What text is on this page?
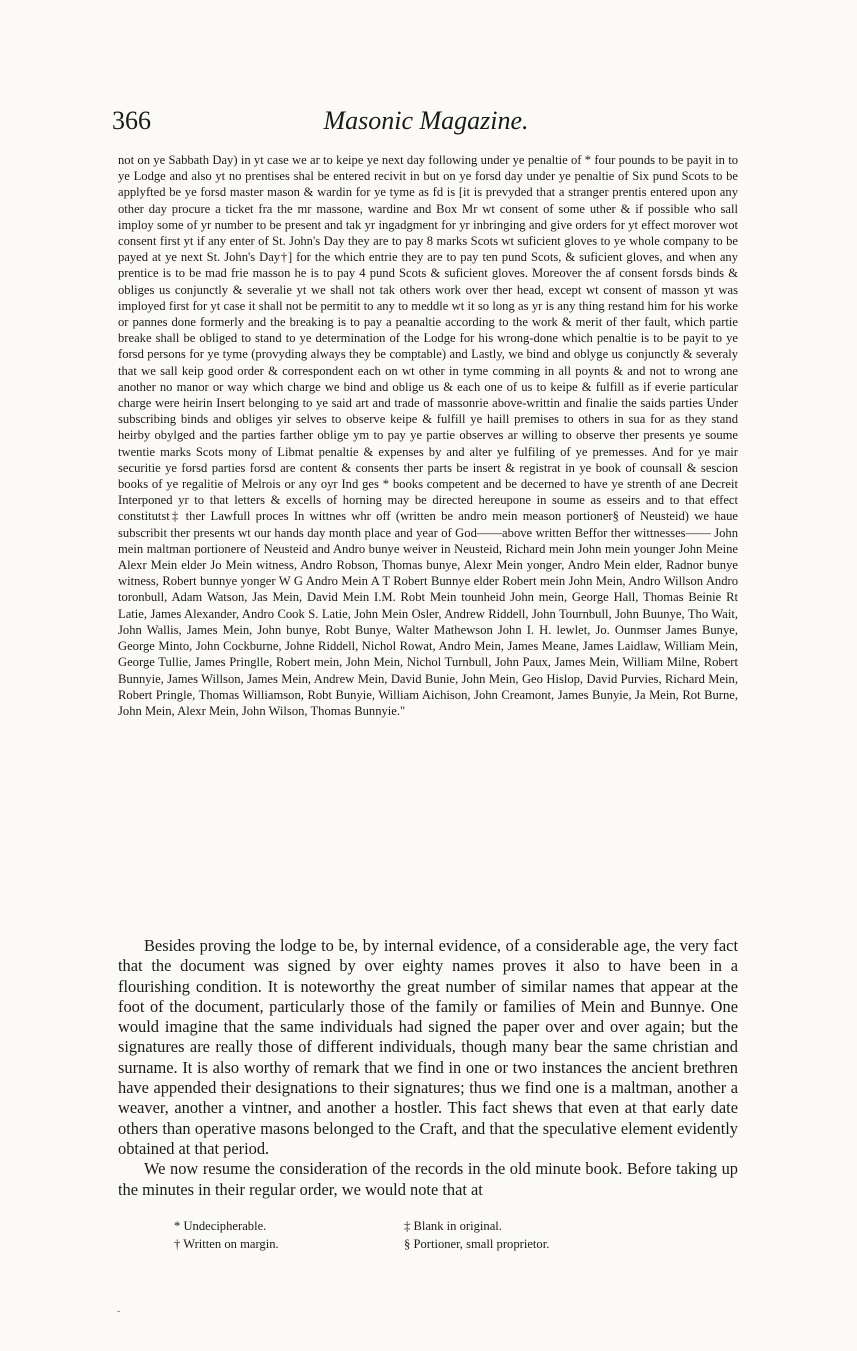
366	Masonic Magazine.

not on ye Sabbath Day) in yt case we ar to keipe ye next day following under ye penaltie of * four pounds to be payit in to ye Lodge and also yt no prentises shal be entered recivit in but on ye forsd day under ye penaltie of Six pund Scots to be applyfted be ye forsd master mason & wardin for ye tyme as fd is [it is prevyded that a stranger prentis entered upon any other day procure a ticket fra the mr massone, wardine and Box Mr wt consent of some uther & if possible who sall imploy some of yr number to be present and tak yr ingadgment for yr inbringing and give orders for yt effect morover wot consent first yt if any enter of St. John's Day they are to pay 8 marks Scots wt suficient gloves to ye whole company to be payed at ye next St. John's Day†] for the which entrie they are to pay ten pund Scots, & suficient gloves, and when any prentice is to be mad frie masson he is to pay 4 pund Scots & suficient gloves. Moreover the af consent forsds binds & obliges us conjunctly & severalie yt we shall not tak others work over ther head, except wt consent of masson yt was imployed first for yt case it shall not be permitit to any to meddle wt it so long as yr is any thing restand him for his worke or pannes done formerly and the breaking is to pay a peanaltie according to the work & merit of ther fault, which partie breake shall be obliged to stand to ye determination of the Lodge for his wrong-done which penaltie is to be payit to ye forsd persons for ye tyme (provyding always they be comptable) and Lastly, we bind and oblyge us conjunctly & severaly that we sall keip good order & correspondent each on wt other in tyme comming in all poynts & and not to wrong ane another no manor or way which charge we bind and oblige us & each one of us to keipe & fulfill as if everie particular charge were heirin Insert belonging to ye said art and trade of massonrie above-writtin and finalie the saids parties Under subscribing binds and obliges yir selves to observe keipe & fulfill ye haill premises to others in sua for as they stand heirby obylged and the parties farther oblige ym to pay ye partie observes ar willing to observe ther presents ye soume twentie marks Scots mony of Libmat penaltie & expenses by and alter ye fulfiling of ye premesses. And for ye mair securitie ye forsd parties forsd are content & consents ther parts be insert & registrat in ye book of counsall & sescion books of ye regalitie of Melrois or any oyr Ind ges * books competent and be decerned to have ye strenth of ane Decreit Interponed yr to that letters & excells of horning may be directed hereupone in soume as esseirs and to that effect constitutst‡ ther Lawfull proces In wittnes whr off (written be andro mein meason portioner§ of Neusteid) we haue subscribit ther presents wt our hands day month place and year of God——above written Beffor ther wittnesses—— John mein maltman portionere of Neusteid and Andro bunye weiver in Neusteid, Richard mein John mein younger John Meine Alexr Mein elder Jo Mein witness, Andro Robson, Thomas bunye, Alexr Mein yonger, Andro Mein elder, Radnor bunye witness, Robert bunnye yonger W G Andro Mein A T Robert Bunnye elder Robert mein John Mein, Andro Willson Andro toronbull, Adam Watson, Jas Mein, David Mein I.M. Robt Mein tounheid John mein, George Hall, Thomas Beinie Rt Latie, James Alexander, Andro Cook S. Latie, John Mein Osler, Andrew Riddell, John Tournbull, John Buunye, Tho Wait, John Wallis, James Mein, John bunye, Robt Bunye, Walter Mathewson John I. H. lewlet, Jo. Ounmser James Bunye, George Minto, John Cockburne, Johne Riddell, Nichol Rowat, Andro Mein, James Meane, James Laidlaw, William Mein, George Tullie, James Pringlle, Robert mein, John Mein, Nichol Turnbull, John Paux, James Mein, William Milne, Robert Bunnyie, James Willson, James Mein, Andrew Mein, David Bunie, John Mein, Geo Hislop, David Purvies, Richard Mein, Robert Pringle, Thomas Williamson, Robt Bunyie, William Aichison, John Creamont, James Bunyie, Ja Mein, Rot Burne, John Mein, Alexr Mein, John Wilson, Thomas Bunnyie."

Besides proving the lodge to be, by internal evidence, of a considerable age, the very fact that the document was signed by over eighty names proves it also to have been in a flourishing condition. It is noteworthy the great number of similar names that appear at the foot of the document, particularly those of the family or families of Mein and Bunnye. One would imagine that the same individuals had signed the paper over and over again; but the signatures are really those of different individuals, though many bear the same christian and surname. It is also worthy of remark that we find in one or two instances the ancient brethren have appended their designations to their signatures; thus we find one is a maltman, another a weaver, another a vintner, and another a hostler. This fact shews that even at that early date others than operative masons belonged to the Craft, and that the speculative element evidently obtained at that period.

We now resume the consideration of the records in the old minute book. Before taking up the minutes in their regular order, we would note that at

* Undecipherable.	‡ Blank in original.
† Written on margin.	§ Portioner, small proprietor.
-
